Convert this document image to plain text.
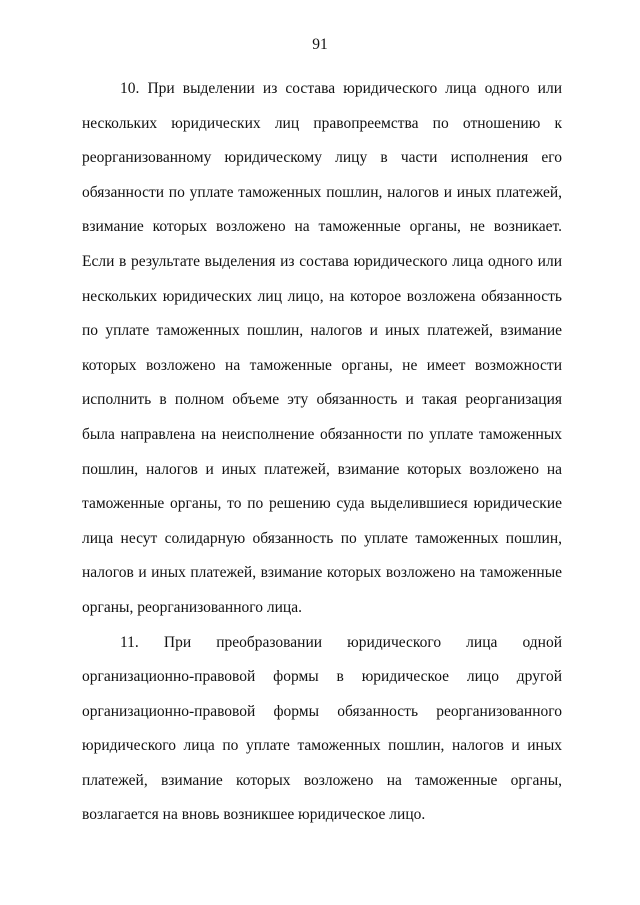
91

10. При выделении из состава юридического лица одного или нескольких юридических лиц правопреемства по отношению к реорганизованному юридическому лицу в части исполнения его обязанности по уплате таможенных пошлин, налогов и иных платежей, взимание которых возложено на таможенные органы, не возникает. Если в результате выделения из состава юридического лица одного или нескольких юридических лиц лицо, на которое возложена обязанность по уплате таможенных пошлин, налогов и иных платежей, взимание которых возложено на таможенные органы, не имеет возможности исполнить в полном объеме эту обязанность и такая реорганизация была направлена на неисполнение обязанности по уплате таможенных пошлин, налогов и иных платежей, взимание которых возложено на таможенные органы, то по решению суда выделившиеся юридические лица несут солидарную обязанность по уплате таможенных пошлин, налогов и иных платежей, взимание которых возложено на таможенные органы, реорганизованного лица.

11. При преобразовании юридического лица одной организационно-правовой формы в юридическое лицо другой организационно-правовой формы обязанность реорганизованного юридического лица по уплате таможенных пошлин, налогов и иных платежей, взимание которых возложено на таможенные органы, возлагается на вновь возникшее юридическое лицо.
